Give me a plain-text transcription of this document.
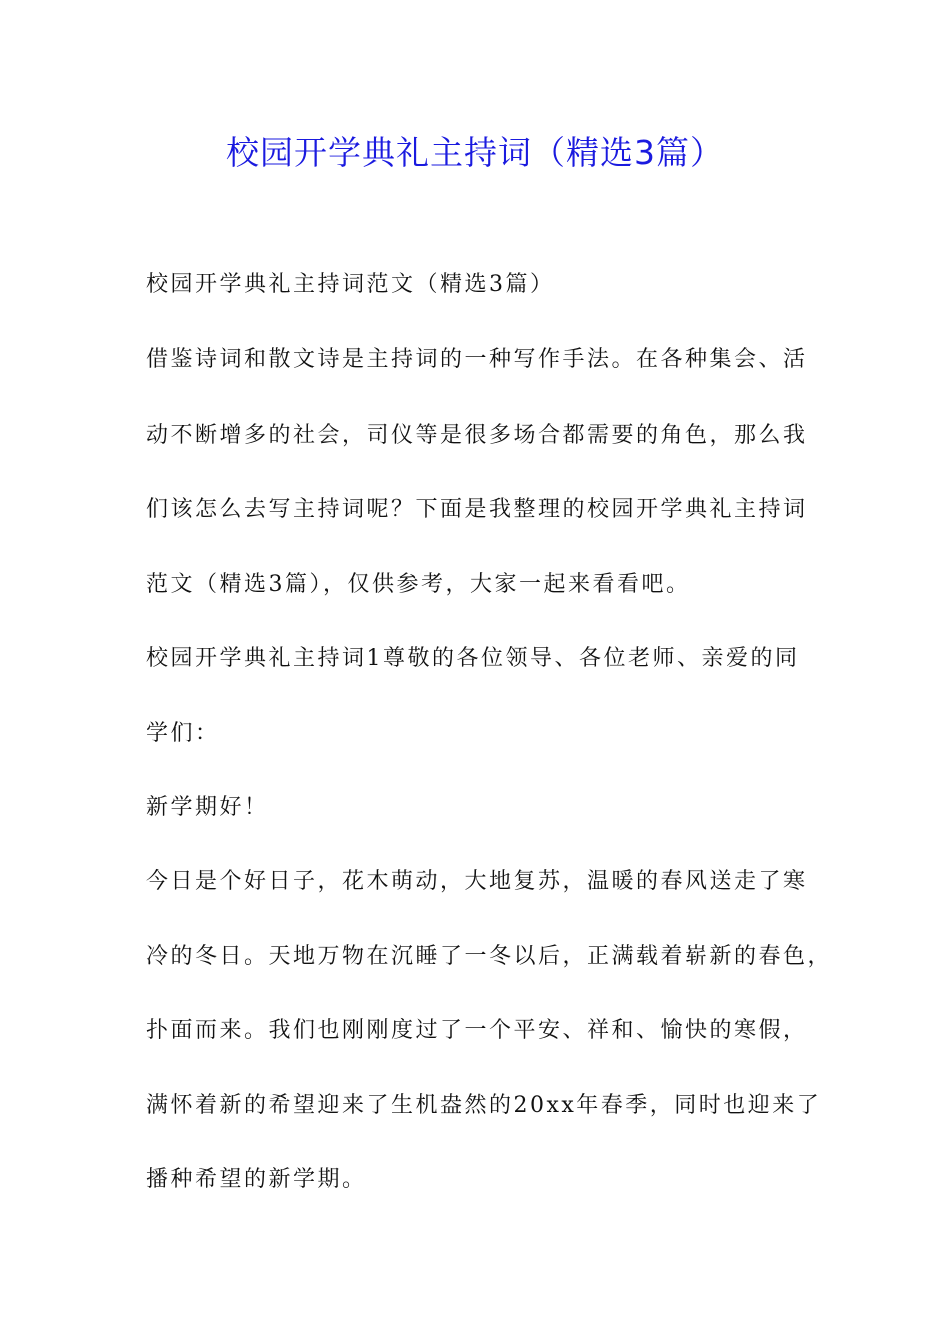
校园开学典礼主持词（精选3篇）

校园开学典礼主持词范文（精选3篇）

借鉴诗词和散文诗是主持词的一种写作手法。在各种集会、活

动不断增多的社会，司仪等是很多场合都需要的角色，那么我

们该怎么去写主持词呢？下面是我整理的校园开学典礼主持词

范文（精选3篇），仅供参考，大家一起来看看吧。

校园开学典礼主持词1尊敬的各位领导、各位老师、亲爱的同

学们：

新学期好！

今日是个好日子，花木萌动，大地复苏，温暖的春风送走了寒

冷的冬日。天地万物在沉睡了一冬以后，正满载着崭新的春色，

扑面而来。我们也刚刚度过了一个平安、祥和、愉快的寒假，

满怀着新的希望迎来了生机盎然的20xx年春季，同时也迎来了

播种希望的新学期。
